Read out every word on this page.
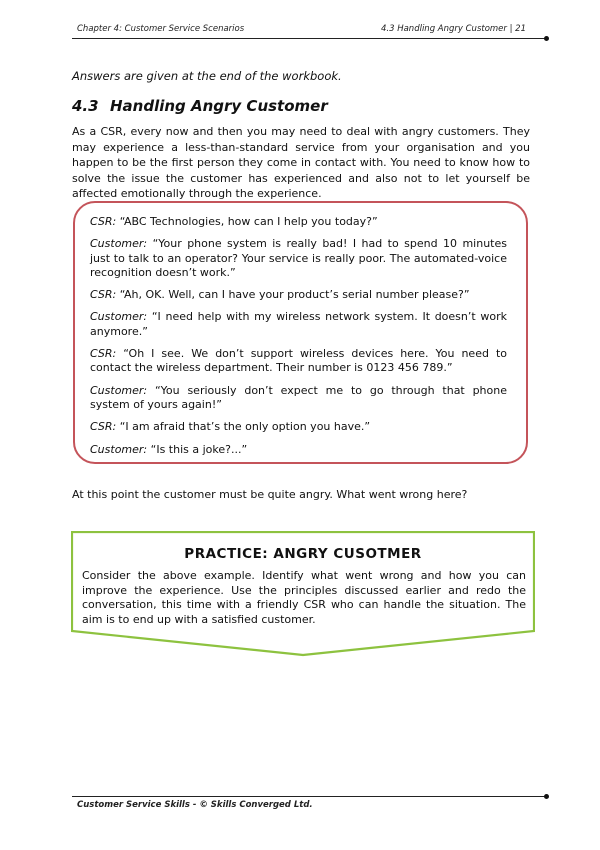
Chapter 4: Customer Service Scenarios	4.3 Handling Angry Customer | 21
Answers are given at the end of the workbook.
4.3 Handling Angry Customer

As a CSR, every now and then you may need to deal with angry customers. They may experience a less-than-standard service from your organisation and you happen to be the first person they come in contact with. You need to know how to solve the issue the customer has experienced and also not to let yourself be affected emotionally through the experience.

CSR: “ABC Technologies, how can I help you today?”

Customer: “Your phone system is really bad! I had to spend 10 minutes just to talk to an operator? Your service is really poor. The automated-voice recognition doesn’t work.”

CSR: “Ah, OK. Well, can I have your product’s serial number please?”

Customer: “I need help with my wireless network system. It doesn’t work anymore.”

CSR: “Oh I see. We don’t support wireless devices here. You need to contact the wireless department. Their number is 0123 456 789.”

Customer: “You seriously don’t expect me to go through that phone system of yours again!”

CSR: “I am afraid that’s the only option you have.”

Customer: “Is this a joke?...”

At this point the customer must be quite angry. What went wrong here?
PRACTICE: ANGRY CUSOTMER

Consider the above example. Identify what went wrong and how you can improve the experience. Use the principles discussed earlier and redo the conversation, this time with a friendly CSR who can handle the situation. The aim is to end up with a satisfied customer.

Customer Service Skills - © Skills Converged Ltd.
